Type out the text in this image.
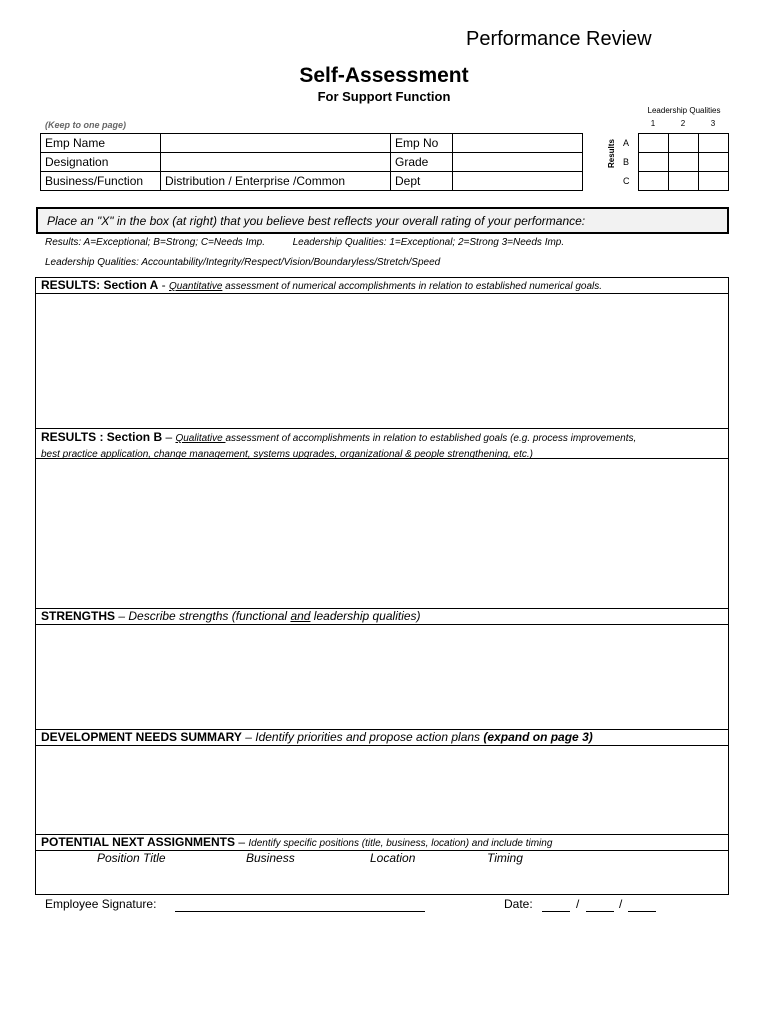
Performance Review
Self-Assessment
For Support Function
(Keep to one page)
Emp Name		Emp No	
Designation		Grade	
Business/Function	Distribution / Enterprise /Common	Dept	
Leadership Qualities
1	2	3
Results A
B
C

Place an "X" in the box (at right) that you believe best reflects your overall rating of your performance:
Results: A=Exceptional; B=Strong; C=Needs Imp.	Leadership Qualities: 1=Exceptional; 2=Strong 3=Needs Imp.
Leadership Qualities: Accountability/Integrity/Respect/Vision/Boundaryless/Stretch/Speed
RESULTS: Section A - Quantitative assessment of numerical accomplishments in relation to established numerical goals.
RESULTS : Section B – Qualitative assessment of accomplishments in relation to established goals (e.g. process improvements,
best practice application, change management, systems upgrades, organizational & people strengthening, etc.)
STRENGTHS – Describe strengths (functional and leadership qualities)
DEVELOPMENT NEEDS SUMMARY – Identify priorities and propose action plans (expand on page 3)
POTENTIAL NEXT ASSIGNMENTS – Identify specific positions (title, business, location) and include timing
Position Title	Business	Location	Timing
Employee Signature:	Date:	/	/
